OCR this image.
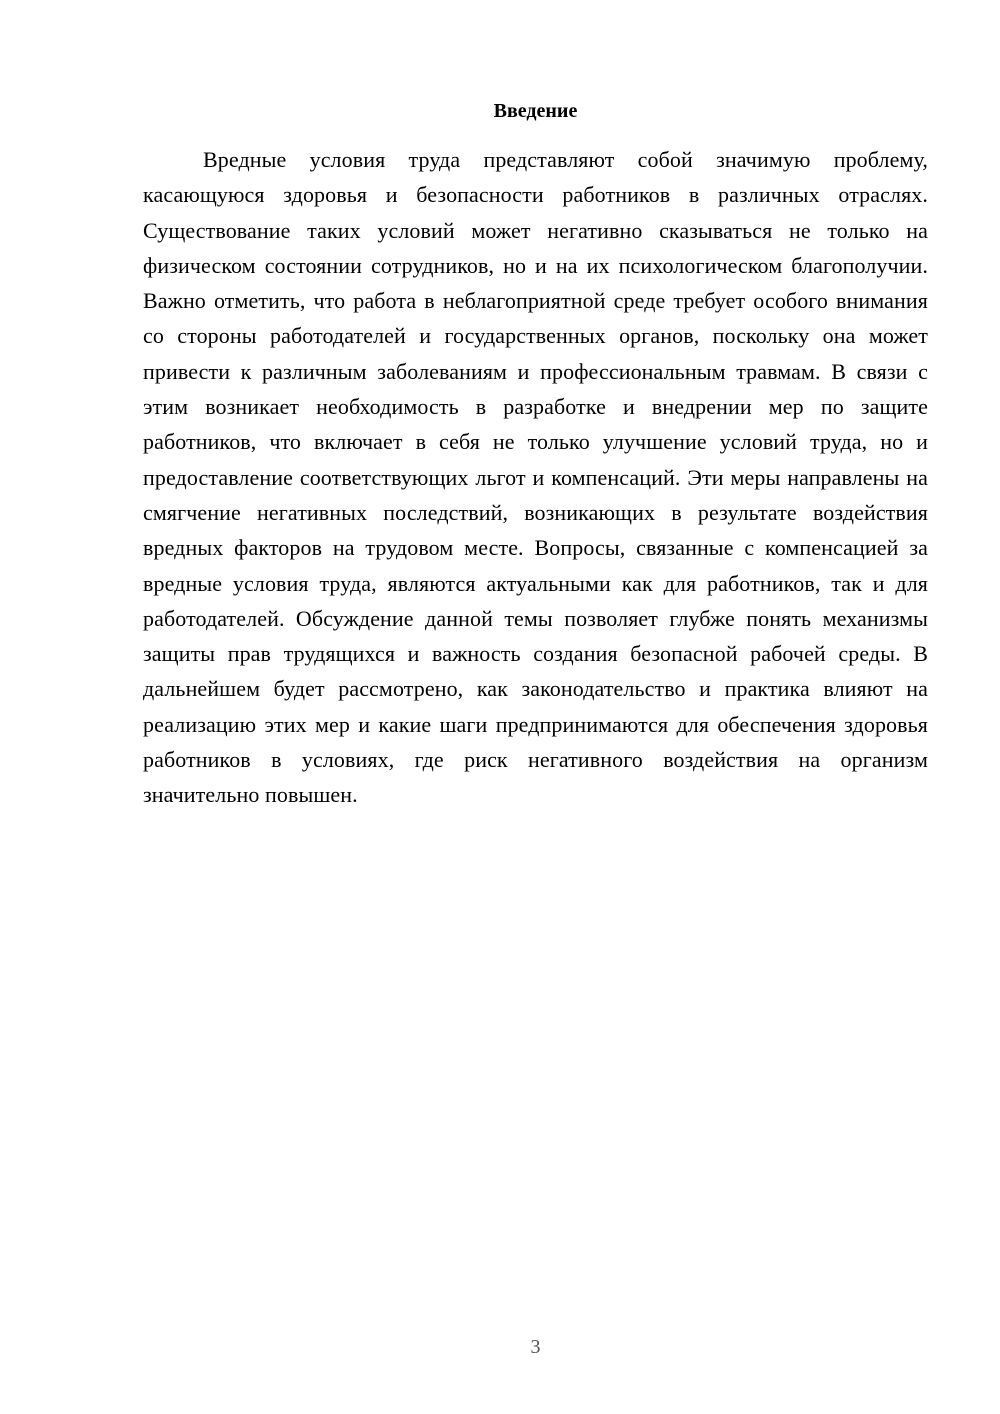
Введение

Вредные условия труда представляют собой значимую проблему, касающуюся здоровья и безопасности работников в различных отраслях. Существование таких условий может негативно сказываться не только на физическом состоянии сотрудников, но и на их психологическом благополучии. Важно отметить, что работа в неблагоприятной среде требует особого внимания со стороны работодателей и государственных органов, поскольку она может привести к различным заболеваниям и профессиональным травмам. В связи с этим возникает необходимость в разработке и внедрении мер по защите работников, что включает в себя не только улучшение условий труда, но и предоставление соответствующих льгот и компенсаций. Эти меры направлены на смягчение негативных последствий, возникающих в результате воздействия вредных факторов на трудовом месте. Вопросы, связанные с компенсацией за вредные условия труда, являются актуальными как для работников, так и для работодателей. Обсуждение данной темы позволяет глубже понять механизмы защиты прав трудящихся и важность создания безопасной рабочей среды. В дальнейшем будет рассмотрено, как законодательство и практика влияют на реализацию этих мер и какие шаги предпринимаются для обеспечения здоровья работников в условиях, где риск негативного воздействия на организм значительно повышен.

3
